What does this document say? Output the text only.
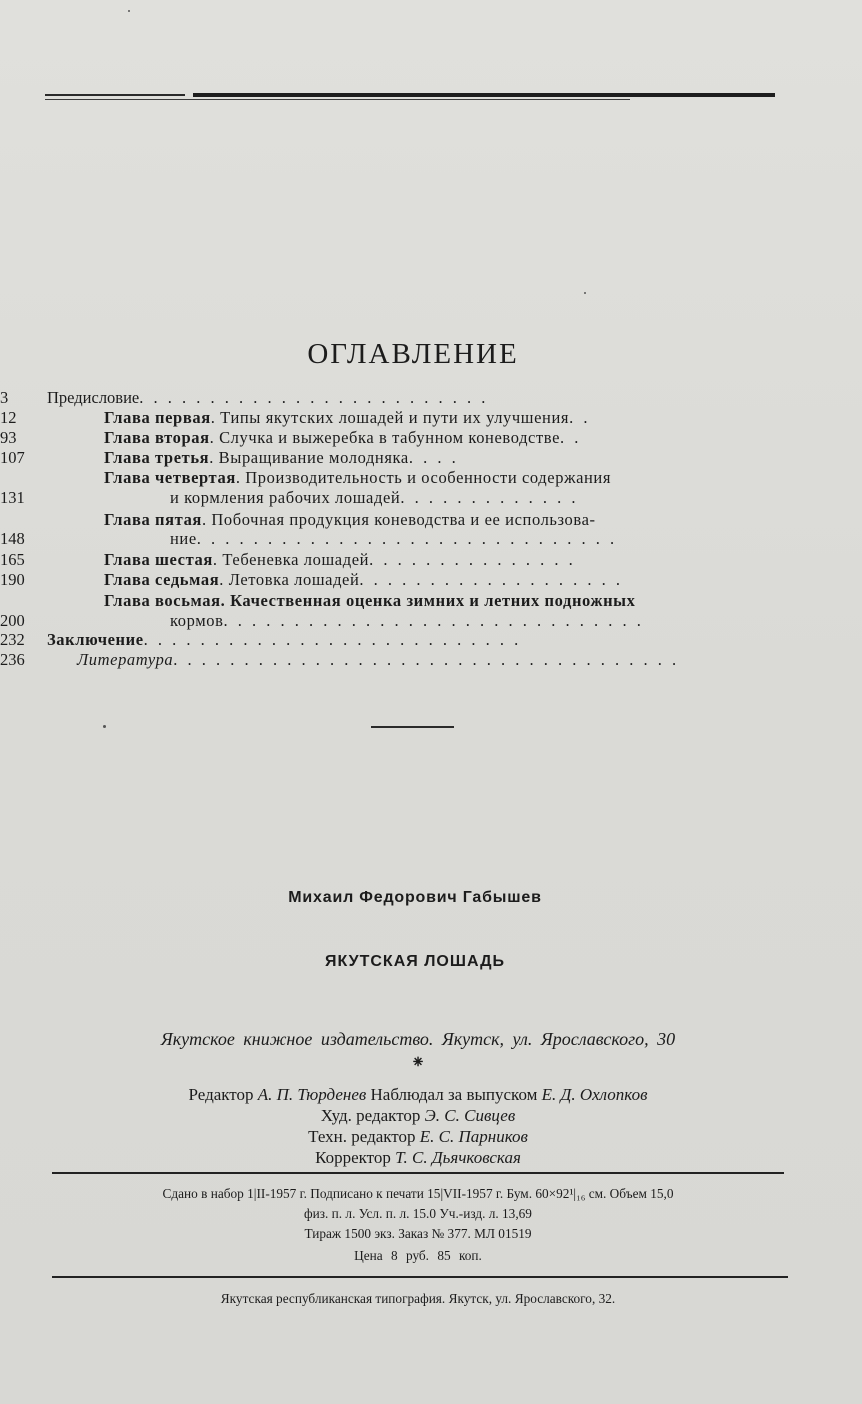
ОГЛАВЛЕНИЕ
Предисловие. . . . . . . . . . . . . . . . . . . . . . . . .
3
Глава первая. Типы якутских лошадей и пути их улучшения. .
12
Глава вторая. Случка и выжеребка в табунном коневодстве. .
93
Глава третья. Выращивание молодняка. . . .
107
Глава четвертая. Производительность и особенности содержания
и кормления рабочих лошадей. . . . . . . . . . . . .
131
Глава пятая. Побочная продукция коневодства и ее использова-
ние. . . . . . . . . . . . . . . . . . . . . . . . . . . . . .
148
Глава шестая. Тебеневка лошадей. . . . . . . . . . . . . . .
165
Глава седьмая. Летовка лошадей. . . . . . . . . . . . . . . . . . .
190
Глава восьмая. Качественная оценка зимних и летних подножных
кормов. . . . . . . . . . . . . . . . . . . . . . . . . . . . . .
200
Заключение. . . . . . . . . . . . . . . . . . . . . . . . . . .
232
Литература. . . . . . . . . . . . . . . . . . . . . . . . . . . . . . . . . . . .
236
Михаил Федорович Габышев
ЯКУТСКАЯ ЛОШАДЬ
Якутское книжное издательство. Якутск, ул. Ярославского, 30
⁕
Редактор А. П. Тюрденев Наблюдал за выпуском Е. Д. Охлопков
Худ. редактор Э. С. Сивцев
Техн. редактор Е. С. Парников
Корректор Т. С. Дьячковская
Сдано в набор 1|II-1957 г. Подписано к печати 15|VII-1957 г. Бум. 60×92¹|₁₆ см. Объем 15,0
физ. п. л. Усл. п. л. 15.0 Уч.-изд. л. 13,69
Тираж 1500 экз. Заказ № 377. МЛ 01519
Цена 8 руб. 85 коп.
Якутская республиканская типография. Якутск, ул. Ярославского, 32.
